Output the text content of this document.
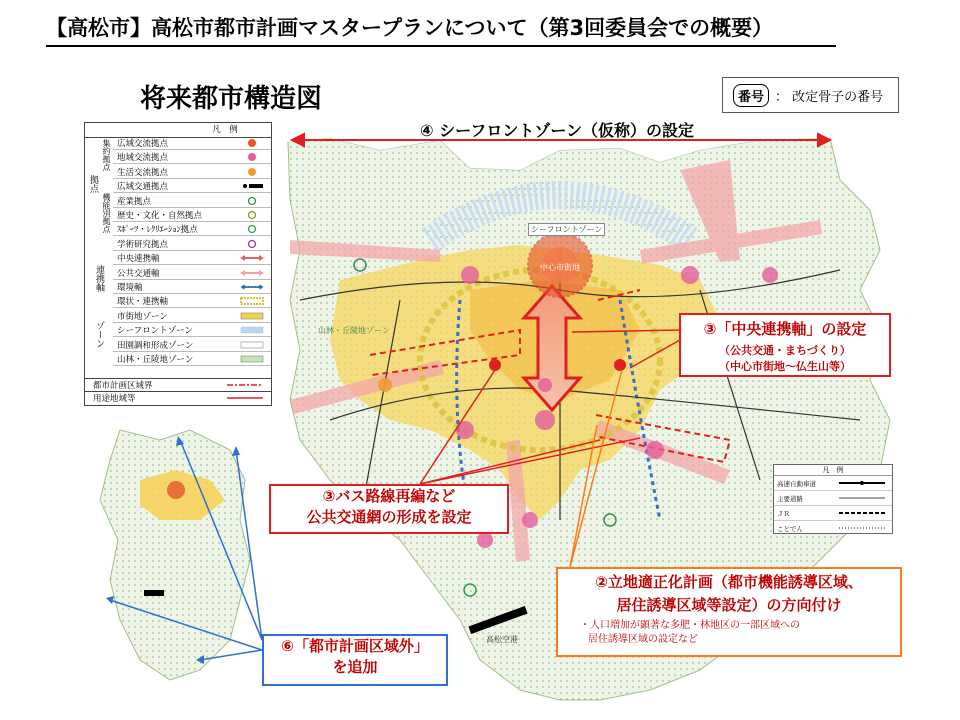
【高松市】高松市都市計画マスタープランについて（第3回委員会での概要）
将来都市構造図	番号 ： 改定骨子の番号
④ シーフロントゾーン（仮称）の設定
シーフロントゾーン
中心市街地
山林・丘陵地ゾーン
高松空港
凡　例
拠点
集約拠点
機能別拠点
連携軸
ゾーン
都市計画区域界
用途地域等
広域交流拠点
地域交流拠点
生活交流拠点
広域交通拠点
産業拠点
歴史・文化・自然拠点
ｽﾎﾟｰﾂ・ﾚｸﾘｴｰｼｮﾝ拠点
学術研究拠点
中央連携軸
公共交通軸
環境軸
環状・連携軸
市街地ゾーン
シーフロントゾーン
田園調和形成ゾーン
山林・丘陵地ゾーン
凡　例
高速自動車道
主要道路
ＪＲ
ことでん
③「中央連携軸」の設定
（公共交通・まちづくり）
（中心市街地～仏生山等）
③バス路線再編など
公共交通網の形成を設定
②立地適正化計画（都市機能誘導区域、
居住誘導区域等設定）の方向付け
・人口増加が顕著な多肥・林地区の一部区域への
居住誘導区域の設定など
⑥「都市計画区域外」
を追加
